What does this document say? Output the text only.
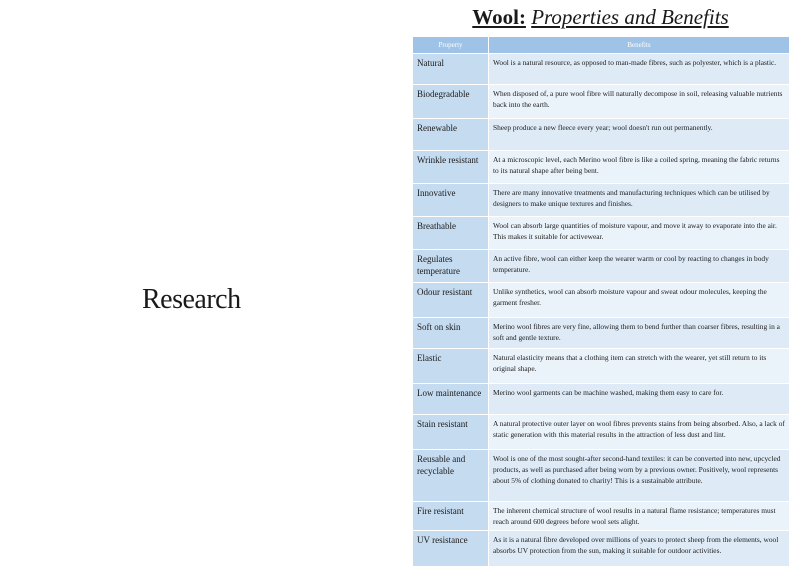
Research
Wool: Properties and Benefits
Property	Benefits
Natural	Wool is a natural resource, as opposed to man-made fibres, such as polyester, which is a plastic.
Biodegradable	When disposed of, a pure wool fibre will naturally decompose in soil, releasing valuable nutrients back into the earth.
Renewable	Sheep produce a new fleece every year; wool doesn't run out permanently.
Wrinkle resistant	At a microscopic level, each Merino wool fibre is like a coiled spring, meaning the fabric returns to its natural shape after being bent.
Innovative	There are many innovative treatments and manufacturing techniques which can be utilised by designers to make unique textures and finishes.
Breathable	Wool can absorb large quantities of moisture vapour, and move it away to evaporate into the air. This makes it suitable for activewear.
Regulates temperature	An active fibre, wool can either keep the wearer warm or cool by reacting to changes in body temperature.
Odour resistant	Unlike synthetics, wool can absorb moisture vapour and sweat odour molecules, keeping the garment fresher.
Soft on skin	Merino wool fibres are very fine, allowing them to bend further than coarser fibres, resulting in a soft and gentle texture.
Elastic	Natural elasticity means that a clothing item can stretch with the wearer, yet still return to its original shape.
Low maintenance	Merino wool garments can be machine washed, making them easy to care for.
Stain resistant	A natural protective outer layer on wool fibres prevents stains from being absorbed. Also, a lack of static generation with this material results in the attraction of less dust and lint.
Reusable and recyclable	Wool is one of the most sought-after second-hand textiles: it can be converted into new, upcycled products, as well as purchased after being worn by a previous owner. Positively, wool represents about 5% of clothing donated to charity! This is a sustainable attribute.
Fire resistant	The inherent chemical structure of wool results in a natural flame resistance; temperatures must reach around 600 degrees before wool sets alight.
UV resistance	As it is a natural fibre developed over millions of years to protect sheep from the elements, wool absorbs UV protection from the sun, making it suitable for outdoor activities.
